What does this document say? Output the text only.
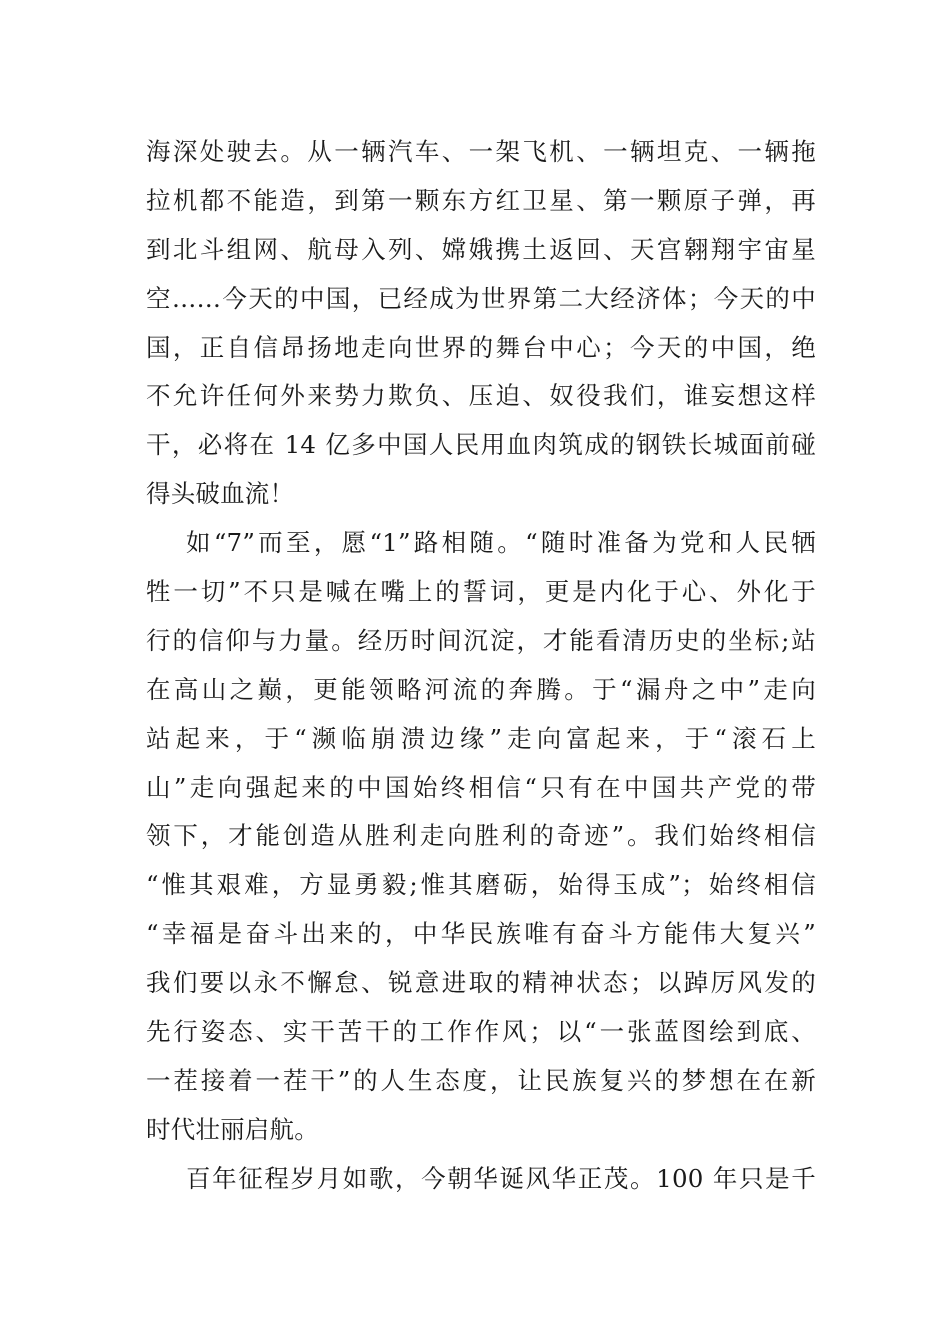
海深处驶去。从一辆汽车、一架飞机、一辆坦克、一辆拖
拉机都不能造，到第一颗东方红卫星、第一颗原子弹，再
到北斗组网、航母入列、嫦娥携土返回、天宫翱翔宇宙星
空……今天的中国，已经成为世界第二大经济体；今天的中
国，正自信昂扬地走向世界的舞台中心；今天的中国，绝
不允许任何外来势力欺负、压迫、奴役我们，谁妄想这样
干，必将在 14 亿多中国人民用血肉筑成的钢铁长城面前碰
得头破血流！
如“7”而至，愿“1”路相随。“随时准备为党和人民牺
牲一切”不只是喊在嘴上的誓词，更是内化于心、外化于
行的信仰与力量。经历时间沉淀，才能看清历史的坐标;站
在高山之巅，更能领略河流的奔腾。于“漏舟之中”走向
站起来，于“濒临崩溃边缘”走向富起来，于“滚石上
山”走向强起来的中国始终相信“只有在中国共产党的带
领下，才能创造从胜利走向胜利的奇迹”。我们始终相信
“惟其艰难，方显勇毅;惟其磨砺，始得玉成”；始终相信
“幸福是奋斗出来的，中华民族唯有奋斗方能伟大复兴”
我们要以永不懈怠、锐意进取的精神状态；以踔厉风发的
先行姿态、实干苦干的工作作风；以“一张蓝图绘到底、
一茬接着一茬干”的人生态度，让民族复兴的梦想在在新
时代壮丽启航。
百年征程岁月如歌，今朝华诞风华正茂。100 年只是千
